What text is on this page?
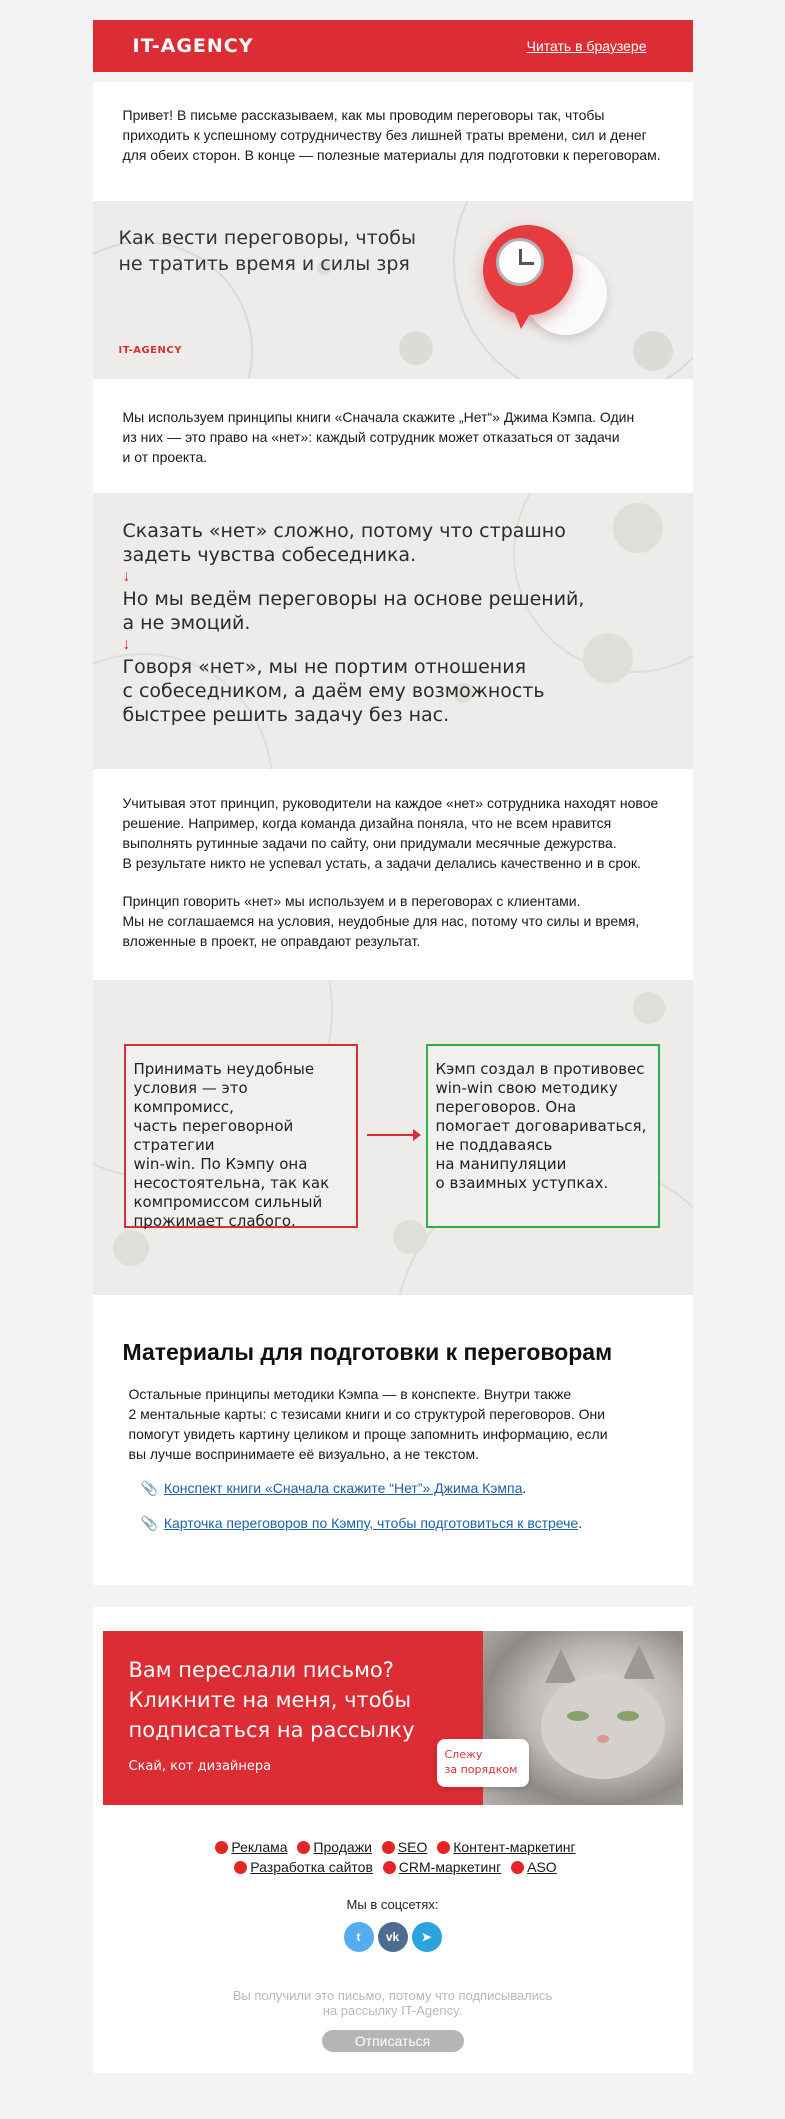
IT-AGENCY	Читать в браузере

Привет! В письме рассказываем, как мы проводим переговоры так, чтобы приходить к успешному сотрудничеству без лишней траты времени, сил и денег для обеих сторон. В конце — полезные материалы для подготовки к переговорам.

Как вести переговоры, чтобы
не тратить время и силы зря
IT-AGENCY
Мы используем принципы книги «Сначала скажите „Нет“» Джима Кэмпа. Один
из них — это право на «нет»: каждый сотрудник может отказаться от задачи
и от проекта.
Сказать «нет» сложно, потому что страшно
задеть чувства собеседника.
↓
Но мы ведём переговоры на основе решений,
а не эмоций.
↓
Говоря «нет», мы не портим отношения
с собеседником, а даём ему возможность
быстрее решить задачу без нас.
Учитывая этот принцип, руководители на каждое «нет» сотрудника находят новое
решение. Например, когда команда дизайна поняла, что не всем нравится
выполнять рутинные задачи по сайту, они придумали месячные дежурства.
В результате никто не успевал устать, а задачи делались качественно и в срок.
Принцип говорить «нет» мы используем и в переговорах с клиентами.
Мы не соглашаемся на условия, неудобные для нас, потому что силы и время,
вложенные в проект, не оправдают результат.
Принимать неудобные
условия — это компромисс,
часть переговорной
стратегии
win-win. По Кэмпу она
несостоятельна, так как
компромиссом сильный
прожимает слабого.
Кэмп создал в противовес
win-win свою методику
переговоров. Она
помогает договариваться,
не поддаваясь
на манипуляции
о взаимных уступках.
Материалы для подготовки к переговорам
Остальные принципы методики Кэмпа — в конспекте. Внутри также
2 ментальные карты: с тезисами книги и со структурой переговоров. Они
помогут увидеть картину целиком и проще запомнить информацию, если
вы лучше воспринимаете её визуально, а не текстом.
📎 Конспект книги «Сначала скажите “Нет”» Джима Кэмпа.
📎 Карточка переговоров по Кэмпу, чтобы подготовиться к встрече.
Вам переслали письмо?
Кликните на меня, чтобы
подписаться на рассылку
Скай, кот дизайнера
Слежу
за порядком
Реклама Продажи SEO Контент-маркетинг
Разработка сайтов CRM-маркетинг ASO
Мы в соцсетях:
t	vk	➤
Вы получили это письмо, потому что подписывались
на рассылку IT-Agency.
Отписаться
